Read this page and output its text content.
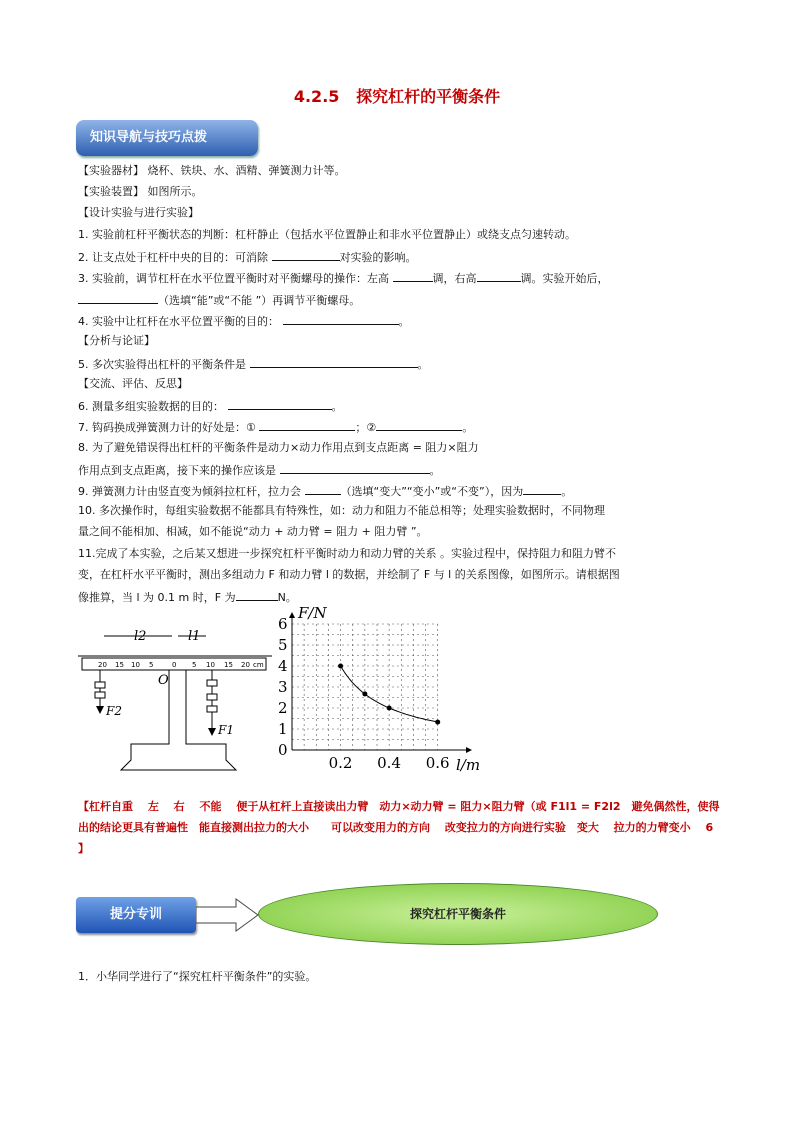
4.2.5 探究杠杆的平衡条件
知识导航与技巧点拨
【实验器材】 烧杯、铁块、水、酒精、弹簧测力计等。
【实验装置】 如图所示。
【设计实验与进行实验】
1. 实验前杠杆平衡状态的判断：杠杆静止（包括水平位置静止和非水平位置静止）或绕支点匀速转动。
2. 让支点处于杠杆中央的目的：可消除	对实验的影响。
3. 实验前，调节杠杆在水平位置平衡时对平衡螺母的操作：左高	调，右高	调。实验开始后，
（选填“能”或“不能 ”）再调节平衡螺母。
4. 实验中让杠杆在水平位置平衡的目的：	。
【分析与论证】
5. 多次实验得出杠杆的平衡条件是	。
【交流、评估、反思】
6. 测量多组实验数据的目的：	。
7. 钩码换成弹簧测力计的好处是：①	；②	。
8. 为了避免错误得出杠杆的平衡条件是动力×动力作用点到支点距离 = 阻力×阻力
作用点到支点距离，接下来的操作应该是	。
9. 弹簧测力计由竖直变为倾斜拉杠杆，拉力会	（选填“变大”“变小”或“不变”），因为	。
10. 多次操作时，每组实验数据不能都具有特殊性，如：动力和阻力不能总相等；处理实验数据时，不同物理
量之间不能相加、相减，如不能说“动力 + 动力臂 = 阻力 + 阻力臂 ”。
11.完成了本实验，之后某又想进一步探究杠杆平衡时动力和动力臂的关系 。实验过程中，保持阻力和阻力臂不
变，在杠杆水平平衡时，测出多组动力 F 和动力臂 l 的数据，并绘制了 F 与 l 的关系图像，如图所示。请根据图
像推算，当 l 为 0.1 m 时，F 为	N。
l2	l1
20 15 10 5	0 5 10 15 20 cm
O
F2
F1
0
1
2
3
4
5
6
0.2 0.4 0.6
F/N
l/m
【杠杆自重　 左　 右　 不能　 便于从杠杆上直接读出力臂　动力×动力臂 = 阻力×阻力臂（或 F1l1 = F2l2　避免偶然性，使得出的结论更具有普遍性　能直接测出拉力的大小　　可以改变用力的方向　 改变拉力的方向进行实验　变大　 拉力的力臂变小　 6　 】
提分专训	探究杠杆平衡条件
1．小华同学进行了“探究杠杆平衡条件”的实验。
